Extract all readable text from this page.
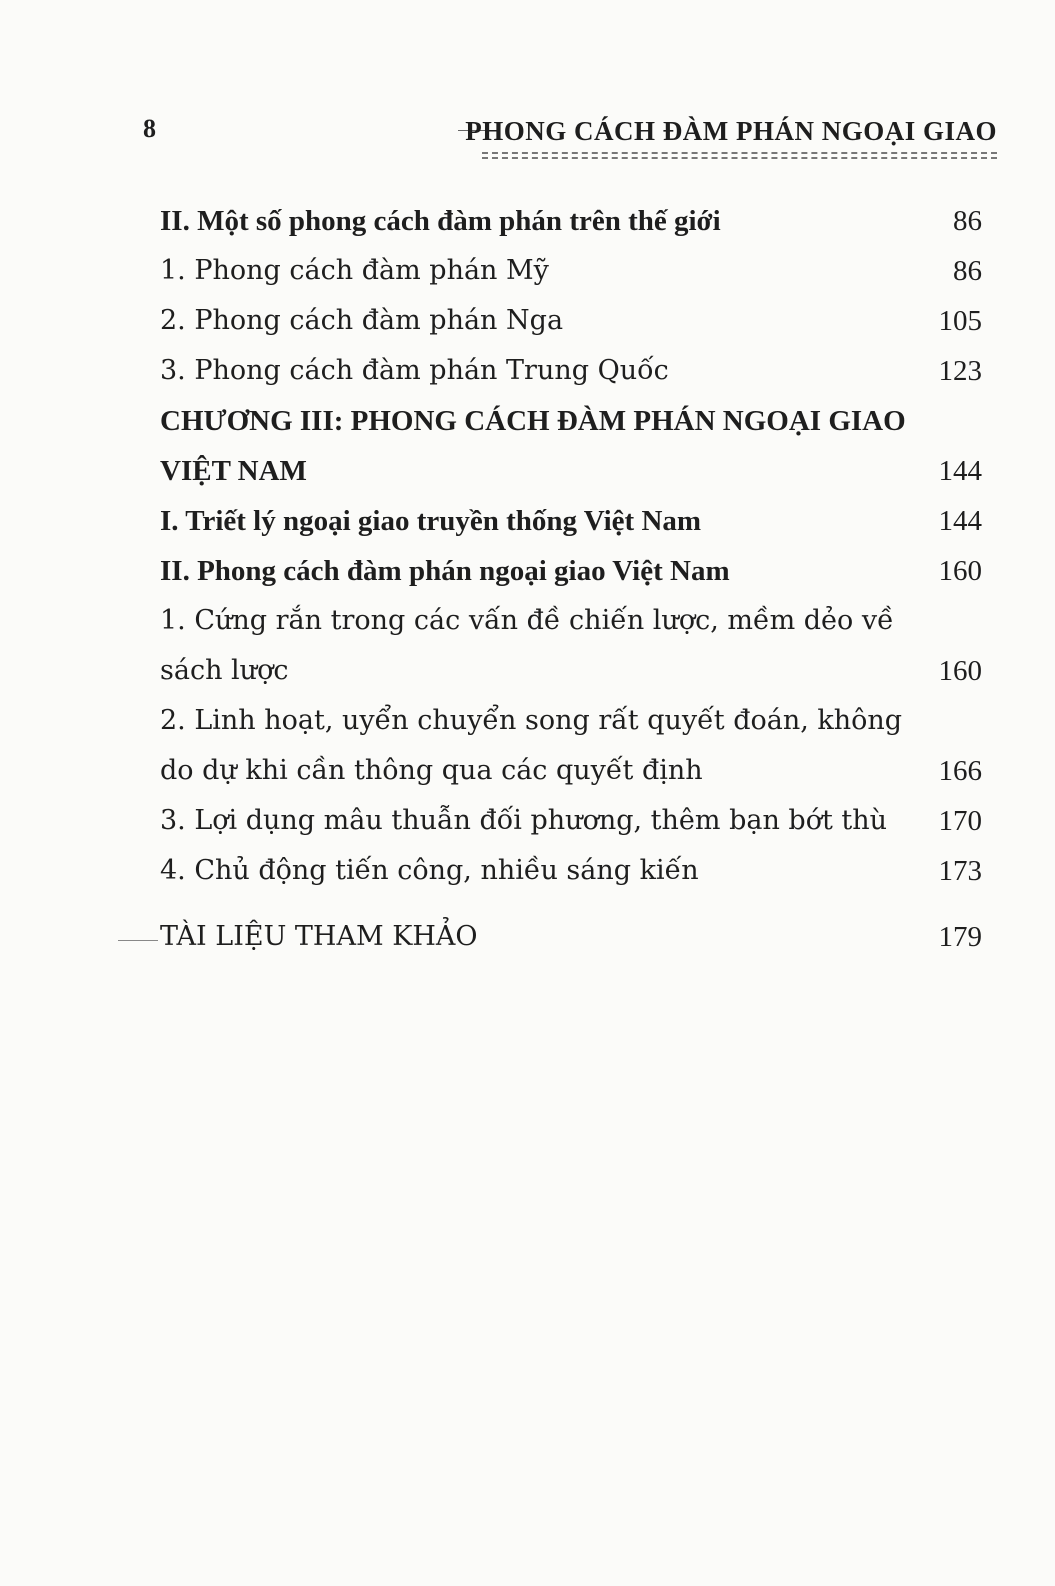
8	PHONG CÁCH ĐÀM PHÁN NGOẠI GIAO
II. Một số phong cách đàm phán trên thế giới	86
1. Phong cách đàm phán Mỹ	86
2. Phong cách đàm phán Nga	105
3. Phong cách đàm phán Trung Quốc	123
CHƯƠNG III: PHONG CÁCH ĐÀM PHÁN NGOẠI GIAO
VIỆT NAM	144
I. Triết lý ngoại giao truyền thống Việt Nam	144
II. Phong cách đàm phán ngoại giao Việt Nam	160
1. Cứng rắn trong các vấn đề chiến lược, mềm dẻo về
sách lược	160
2. Linh hoạt, uyển chuyển song rất quyết đoán, không
do dự khi cần thông qua các quyết định	166
3. Lợi dụng mâu thuẫn đối phương, thêm bạn bớt thù 170
4. Chủ động tiến công, nhiều sáng kiến	173
TÀI LIỆU THAM KHẢO	179
